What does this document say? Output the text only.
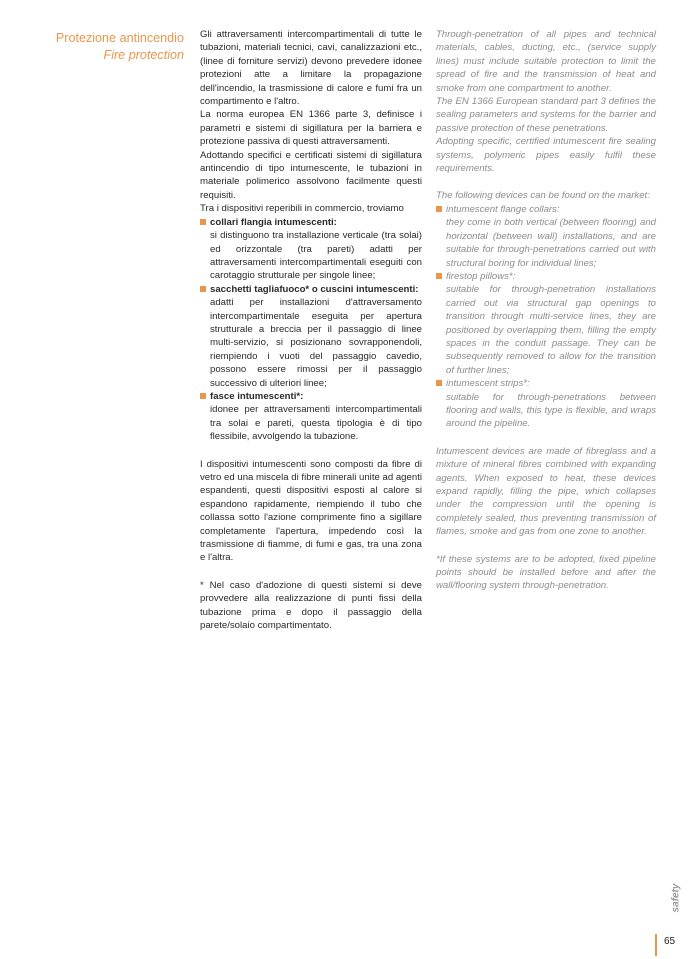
Protezione antincendio
Fire protection

Gli attraversamenti intercompartimentali di tutte le tubazioni, materiali tecnici, cavi, canalizzazioni etc., (linee di forniture servizi) devono prevedere idonee protezioni atte a limitare la propagazione dell'incendio, la trasmissione di calore e fumi fra un compartimento e l'altro.

La norma europea EN 1366 parte 3, definisce i parametri e sistemi di sigillatura per la barriera e protezione passiva di questi attraversamenti.

Adottando specifici e certificati sistemi di sigillatura antincendio di tipo intumescente, le tubazioni in materiale polimerico assolvono facilmente questi requisiti.

Tra i dispositivi reperibili in commercio, troviamo

collari flangia intumescenti:

si distinguono tra installazione verticale (tra solai) ed orizzontale (tra pareti) adatti per attraversamenti intercompartimentali eseguiti con carotaggio strutturale per singole linee;

sacchetti tagliafuoco* o cuscini intumescenti:

adatti per installazioni d'attraversamento intercompartimentale eseguita per apertura strutturale a breccia per il passaggio di linee multi-servizio, si posizionano sovrapponendoli, riempiendo i vuoti del passaggio cavedio, possono essere rimossi per il passaggio successivo di ulteriori linee;

fasce intumescenti*:

idonee per attraversamenti intercompartimentali tra solai e pareti, questa tipologia è di tipo flessibile, avvolgendo la tubazione.

I dispositivi intumescenti sono composti da fibre di vetro ed una miscela di fibre minerali unite ad agenti espandenti, questi dispositivi esposti al calore si espandono rapidamente, riempiendo il tubo che collassa sotto l'azione comprimente fino a sigillare completamente l'apertura, impedendo così la trasmissione di fiamme, di fumi e gas, tra una zona e l'altra.

* Nel caso d'adozione di questi sistemi si deve provvedere alla realizzazione di punti fissi della tubazione prima e dopo il passaggio della parete/solaio compartimentato.

Through-penetration of all pipes and technical materials, cables, ducting, etc., (service supply lines) must include suitable protection to limit the spread of fire and the transmission of heat and smoke from one compartment to another.

The EN 1366 European standard part 3 defines the sealing parameters and systems for the barrier and passive protection of these penetrations.

Adopting specific, certified intumescent fire sealing systems, polymeric pipes easily fulfil these requirements.

The following devices can be found on the market:

intumescent flange collars:

they come in both vertical (between flooring) and horizontal (between wall) installations, and are suitable for through-penetrations carried out with structural boring for individual lines;

firestop pillows*:

suitable for through-penetration installations carried out via structural gap openings to transition through multi-service lines, they are positioned by overlapping them, filling the empty spaces in the conduit passage. They can be subsequently removed to allow for the transition of further lines;

intumescent strips*:

suitable for through-penetrations between flooring and walls, this type is flexible, and wraps around the pipeline.

Intumescent devices are made of fibreglass and a mixture of mineral fibres combined with expanding agents. When exposed to heat, these devices expand rapidly, filling the pipe, which collapses under the compression until the opening is completely sealed, thus preventing transmission of flames, smoke and gas from one zone to another.

*If these systems are to be adopted, fixed pipeline points should be installed before and after the wall/flooring system through-penetration.

safety
65
